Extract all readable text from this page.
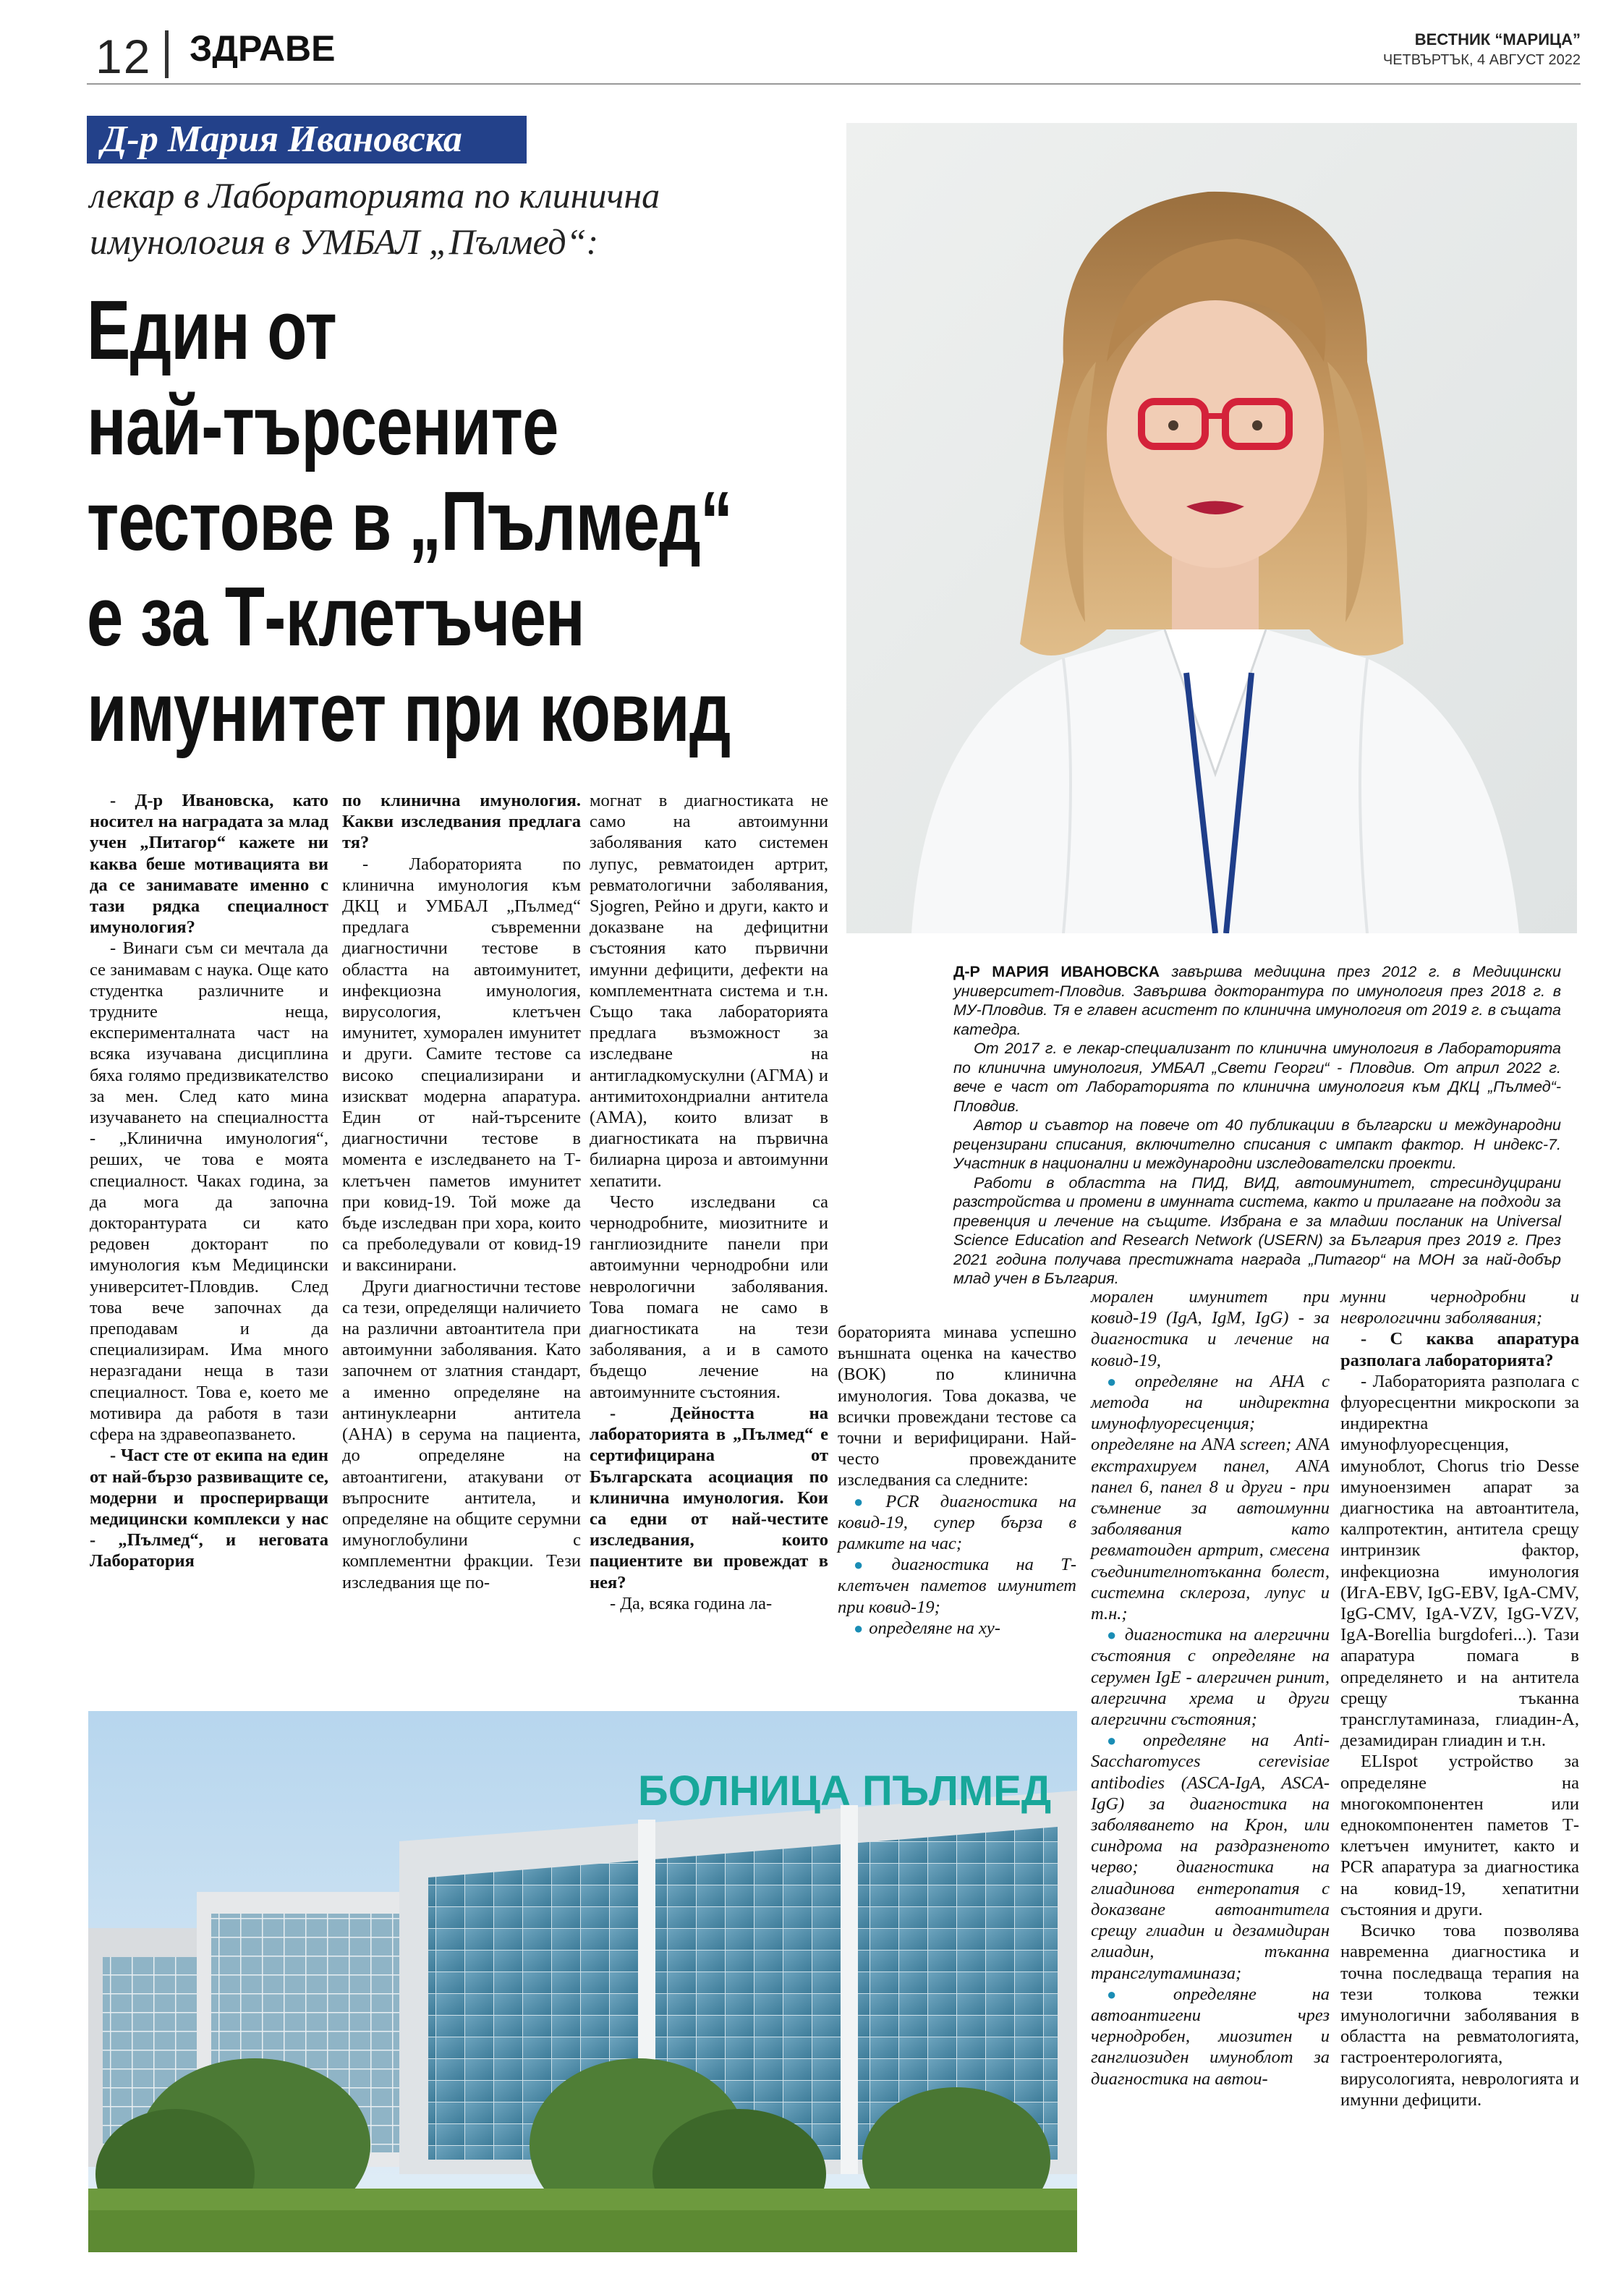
12 ЗДРАВЕ	ВЕСТНИК “МАРИЦА”
ЧЕТВЪРТЪК, 4 АВГУСТ 2022
Д-р Мария Ивановска
лекар в Лабораторията по клинична
имунология в УМБАЛ „Пълмед“:
Един от
най-търсените
тестове в „Пълмед“
е за Т-клетъчен
имунитет при ковид

Д-Р МАРИЯ ИВАНОВСКА завършва медицина през 2012 г. в Медицински университет-Пловдив. Завършва докторантура по имунология през 2018 г. в МУ-Пловдив. Тя е главен асистент по клинична имунология от 2019 г. в същата катедра.

От 2017 г. е лекар-специализант по клинична имунология в Лабораторията по клинична имунология, УМБАЛ „Свети Георги“ - Пловдив. От април 2022 г. вече е част от Лабораторията по клинична имунология към ДКЦ „Пълмед“-Пловдив.

Автор и съавтор на повече от 40 публикации в български и международни рецензирани списания, включително списания с импакт фактор. Н индекс-7. Участник в национални и международни изследователски проекти.

Работи в областта на ПИД, ВИД, автоимунитет, стресиндуцирани разстройства и промени в имунната система, както и прилагане на подходи за превенция и лечение на същите. Избрана е за младши посланик на Universal Science Education and Research Network (USERN) за България през 2019 г. През 2021 година получава престижната награда „Питагор“ на МОН за най-добър млад учен в България.

- Д-р Ивановска, като носител на наградата за млад учен „Питагор“ кажете ни каква беше мотивацията ви да се занимавате именно с тази рядка специалност имунология?

- Винаги съм си мечтала да се занимавам с наука. Още като студентка различните и трудните неща, експерименталната част на всяка изучавана дисциплина бяха голямо предизвикателство за мен. След като мина изучаването на специалността - „Клинична имунология“, реших, че това е моята специалност. Чаках година, за да мога да започна докторантурата си като редовен докторант по имунология към Медицински университет-Пловдив. След това вече започнах да преподавам и да специализирам. Има много неразгадани неща в тази специалност. Това е, което ме мотивира да работя в тази сфера на здравеопазването.

- Част сте от екипа на един от най-бързо развиващите се, модерни и просперирващи медицински комплекси у нас - „Пълмед“, и неговата Лаборатория

по клинична имунология. Какви изследвания предлага тя?

- Лабораторията по клинична имунология към ДКЦ и УМБАЛ „Пълмед“ предлага съвременни диагностични тестове в областта на автоимунитет, инфекциозна имунология, вирусология, клетъчен имунитет, хуморален имунитет и други. Самите тестове са високо специализирани и изискват модерна апаратура. Един от най-търсените диагностични тестове в момента е изследването на Т-клетъчен паметов имунитет при ковид-19. Той може да бъде изследван при хора, които са преболедували от ковид-19 и ваксинирани.

Други диагностични тестове са тези, определящи наличието на различни автоантитела при автоимунни заболявания. Като започнем от златния стандарт, а именно определяне на антинуклеарни антитела (АНА) в серума на пациента, до определяне на автоантигени, атакувани от въпросните антитела, и определяне на общите серумни имуноглобулини с комплементни фракции. Тези изследвания ще по-

могнат в диагностиката не само на автоимунни заболявания като системен лупус, ревматоиден артрит, ревматологични заболявания, Sjogren, Рейно и други, както и доказване на дефицитни състояния като първични имунни дефицити, дефекти на комплементната система и т.н. Също така лабораторията предлага възможност за изследване на антигладкомускулни (АГМА) и антимитохондриални антитела (АМА), които влизат в диагностиката на първична билиарна цироза и автоимунни хепатити.

Често изследвани са чернодробните, миозитните и ганглиозидните панели при автоимунни чернодробни или неврологични заболявания. Това помага не само в диагностиката на тези заболявания, а и в самото бъдещо лечение на автоимунните състояния.

- Дейността на лабораторията в „Пълмед“ е сертифицирана от Българската асоциация по клинична имунология. Кои са едни от най-честите изследвания, които пациентите ви провеждат в нея?

- Да, всяка година ла-

бораторията минава успешно външната оценка на качество (ВОК) по клинична имунология. Това доказва, че всички провеждани тестове са точни и верифицирани. Най-често провежданите изследвания са следните:

● PCR диагностика на ковид-19, супер бърза в рамките на час;

● диагностика на Т-клетъчен паметов имунитет при ковид-19;

● определяне на ху-

морален имунитет при ковид-19 (IgA, IgM, IgG) - за диагностика и лечение на ковид-19,

● определяне на АНА с метода на индиректна имунофлуоресценция; определяне на АNA screen; ANA екстрахируем панел, ANA панел 6, панел 8 и други - при съмнение за автоимунни заболявания като ревматоиден артрит, смесена съединителнотъканна болест, системна склероза, лупус и т.н.;

● диагностика на алергични състояния с определяне на серумен IgE - алергичен ринит, алергична хрема и други алергични състояния;

● определяне на Anti-Saccharomyces cerevisiae antibodies (ASCA-IgA, ASCA-IgG) за диагностика на заболяването на Крон, или синдрома на раздразненото черво; диагностика на глиадинова ентеропатия с доказване автоантитела срещу глиадин и дезамидиран глиадин, тъканна трансглутаминаза;

● определяне на автоантигени чрез чернодробен, миозитен и ганглиозиден имуноблот за диагностика на автои-

мунни чернодробни и неврологични заболявания;

- С каква апаратура разполага лабораторията?

- Лабораторията разполага с флуоресцентни микроскопи за индиректна имунофлуоресценция, имуноблот, Chorus trio Desse имуноензимен апарат за диагностика на автоантитела, калпротектин, антитела срещу интринзик фактор, инфекциозна имунология (ИгА-EBV, IgG-EBV, IgA-CMV, IgG-CMV, IgA-VZV, IgG-VZV, IgA-Borellia burgdoferi...). Тази апаратура помага в определянето и на антитела срещу тъканна трансглутаминаза, глиадин-А, дезамидиран глиадин и т.н.

ELIspot устройство за определяне на многокомпонентен или еднокомпонентен паметов Т-клетъчен имунитет, както и PCR апаратура за диагностика на ковид-19, хепатитни състояния и други.

Всичко това позволява навременна диагностика и точна последваща терапия на тези толкова тежки имунологични заболявания в областта на ревматологията, гастроентерологията, вирусологията, неврологията и имунни дефицити.

БОЛНИЦА ПЪЛМЕД
